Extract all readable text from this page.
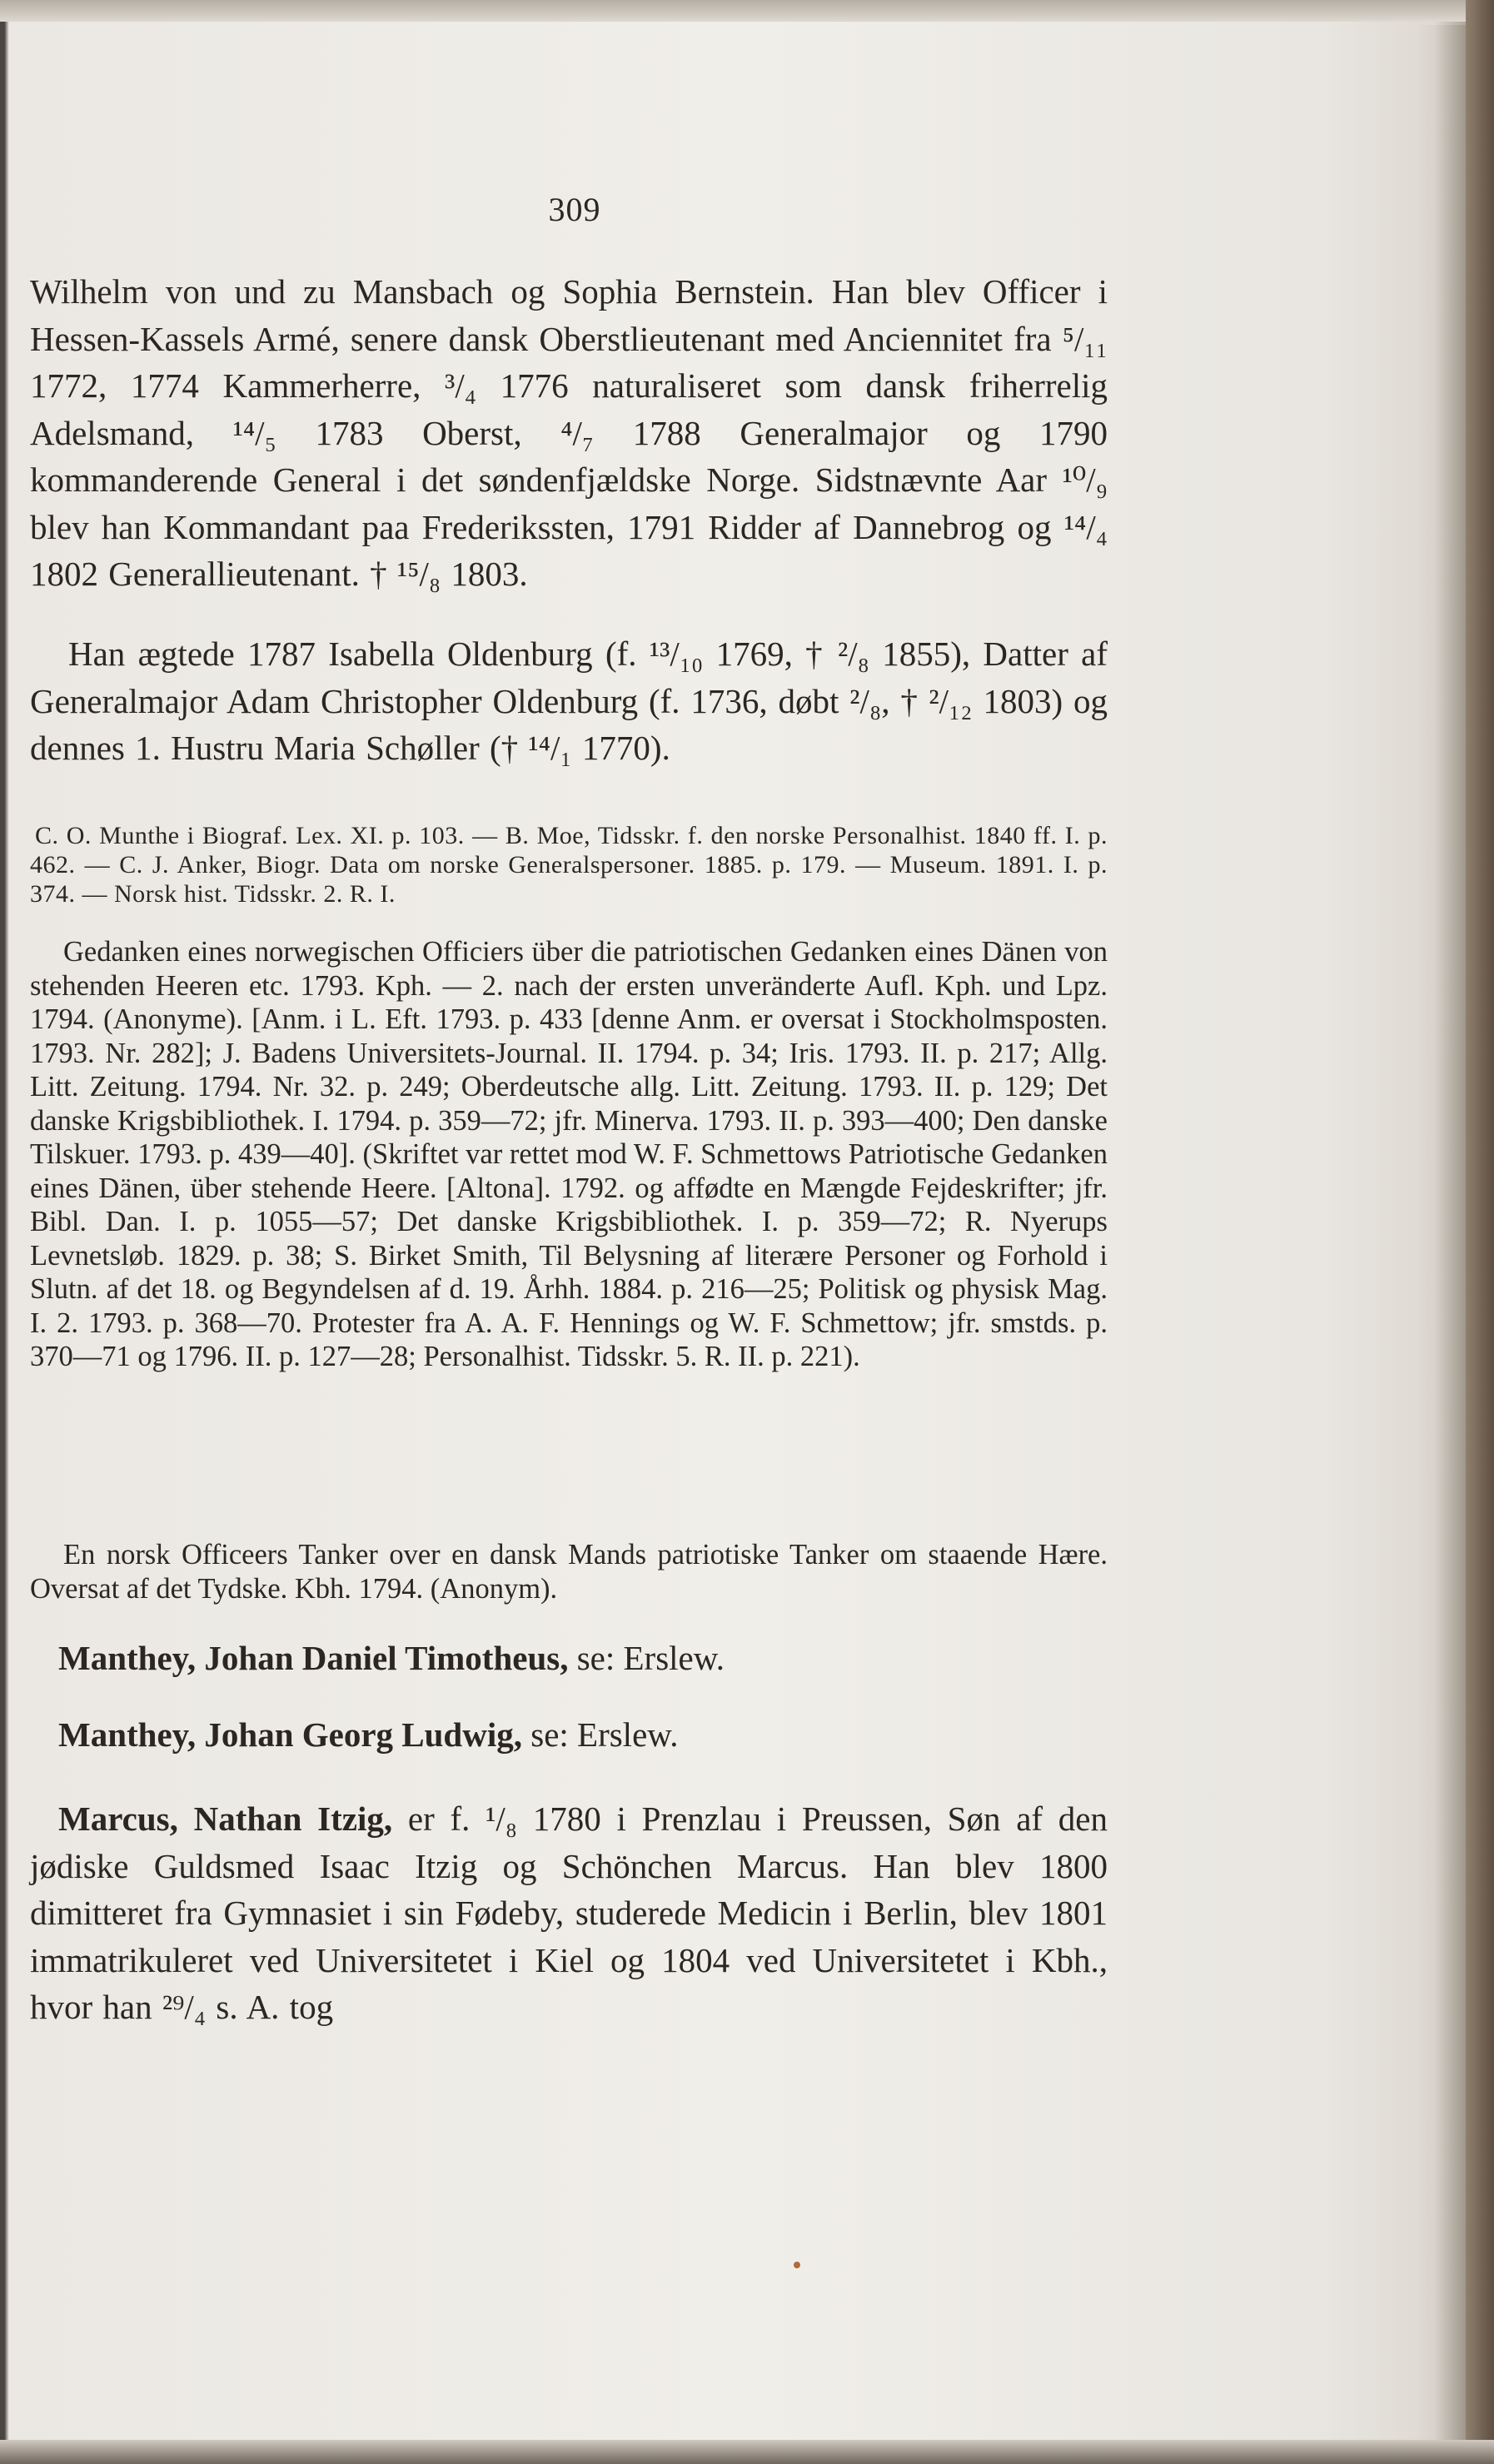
309
Wilhelm von und zu Mansbach og Sophia Bernstein. Han blev Officer i Hessen-Kassels Armé, senere dansk Oberstlieutenant med Anciennitet fra ⁵/₁₁ 1772, 1774 Kammerherre, ³/₄ 1776 naturaliseret som dansk friherrelig Adelsmand, ¹⁴/₅ 1783 Oberst, ⁴/₇ 1788 Generalmajor og 1790 kommanderende General i det søndenfjældske Norge. Sidstnævnte Aar ¹⁰/₉ blev han Kommandant paa Frederikssten, 1791 Ridder af Dannebrog og ¹⁴/₄ 1802 Generallieutenant. † ¹⁵/₈ 1803.
Han ægtede 1787 Isabella Oldenburg (f. ¹³/₁₀ 1769, † ²/₈ 1855), Datter af Generalmajor Adam Christopher Oldenburg (f. 1736, døbt ²/₈, † ²/₁₂ 1803) og dennes 1. Hustru Maria Schøller († ¹⁴/₁ 1770).
C. O. Munthe i Biograf. Lex. XI. p. 103. — B. Moe, Tidsskr. f. den norske Personalhist. 1840 ff. I. p. 462. — C. J. Anker, Biogr. Data om norske Generalspersoner. 1885. p. 179. — Museum. 1891. I. p. 374. — Norsk hist. Tidsskr. 2. R. I.
Gedanken eines norwegischen Officiers über die patriotischen Gedanken eines Dänen von stehenden Heeren etc. 1793. Kph. — 2. nach der ersten unveränderte Aufl. Kph. und Lpz. 1794. (Anonyme). [Anm. i L. Eft. 1793. p. 433 [denne Anm. er oversat i Stockholmsposten. 1793. Nr. 282]; J. Badens Universitets-Journal. II. 1794. p. 34; Iris. 1793. II. p. 217; Allg. Litt. Zeitung. 1794. Nr. 32. p. 249; Oberdeutsche allg. Litt. Zeitung. 1793. II. p. 129; Det danske Krigsbibliothek. I. 1794. p. 359—72; jfr. Minerva. 1793. II. p. 393—400; Den danske Tilskuer. 1793. p. 439—40]. (Skriftet var rettet mod W. F. Schmettows Patriotische Gedanken eines Dänen, über stehende Heere. [Altona]. 1792. og affødte en Mængde Fejdeskrifter; jfr. Bibl. Dan. I. p. 1055—57; Det danske Krigsbibliothek. I. p. 359—72; R. Nyerups Levnetsløb. 1829. p. 38; S. Birket Smith, Til Belysning af literære Personer og Forhold i Slutn. af det 18. og Begyndelsen af d. 19. Århh. 1884. p. 216—25; Politisk og physisk Mag. I. 2. 1793. p. 368—70. Protester fra A. A. F. Hennings og W. F. Schmettow; jfr. smstds. p. 370—71 og 1796. II. p. 127—28; Personalhist. Tidsskr. 5. R. II. p. 221).
En norsk Officeers Tanker over en dansk Mands patriotiske Tanker om staaende Hære. Oversat af det Tydske. Kbh. 1794. (Anonym).
Manthey, Johan Daniel Timotheus, se: Erslew.
Manthey, Johan Georg Ludwig, se: Erslew.
Marcus, Nathan Itzig, er f. ¹/₈ 1780 i Prenzlau i Preussen, Søn af den jødiske Guldsmed Isaac Itzig og Schönchen Marcus. Han blev 1800 dimitteret fra Gymnasiet i sin Fødeby, studerede Medicin i Berlin, blev 1801 immatrikuleret ved Universitetet i Kiel og 1804 ved Universitetet i Kbh., hvor han ²⁹/₄ s. A. tog
